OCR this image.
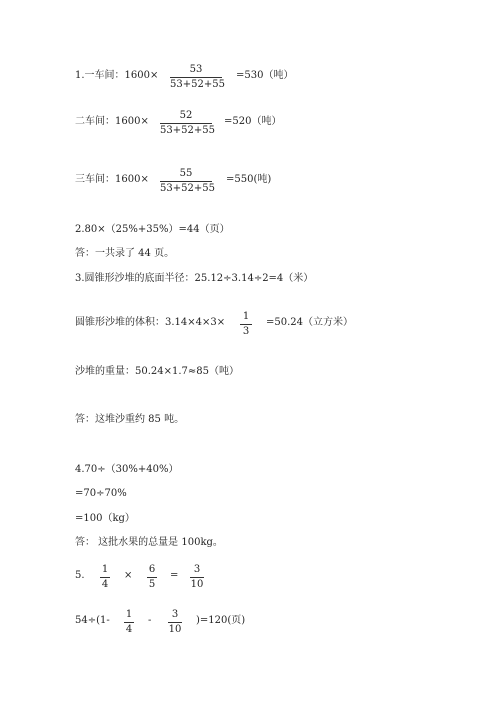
1.一车间：1600×
53
53+52+55
=530（吨）
二车间：1600×
52
53+52+55
=520（吨）
三车间：1600×
55
53+52+55
=550(吨)
2.80×（25%+35%）=44（页）
答：一共录了 44 页。
3.圆锥形沙堆的底面半径：25.12÷3.14÷2=4（米）
圆锥形沙堆的体积：3.14×4×3×
1
3
=50.24（立方米）
沙堆的重量：50.24×1.7≈85（吨）
答：这堆沙重约 85 吨。
4.70÷（30%+40%）
=70÷70%
=100（kg）
答： 这批水果的总量是 100kg。
5.
1
4
×
6
5
=
3
10
54÷(1-
1
4
-
3
10
)=120(页)
